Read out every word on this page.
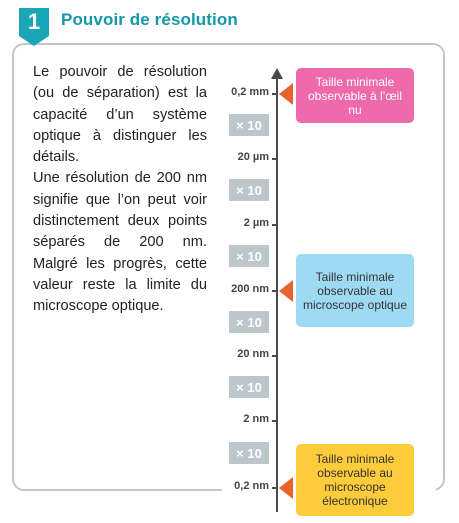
1	Pouvoir de résolution

Le pouvoir de résolution (ou de séparation) est la capacité d’un système optique à distinguer les détails.

Une résolution de 200 nm signifie que l’on peut voir distinctement deux points séparés de 200 nm. Malgré les progrès, cette valeur reste la limite du microscope optique.

0,2 mm
20 µm
2 µm
200 nm
20 nm
2 nm
0,2 nm
× 10
× 10
× 10
× 10
× 10
× 10
Taille minimale observable à l’œil nu
Taille minimale observable au microscope optique
Taille minimale observable au microscope électronique
